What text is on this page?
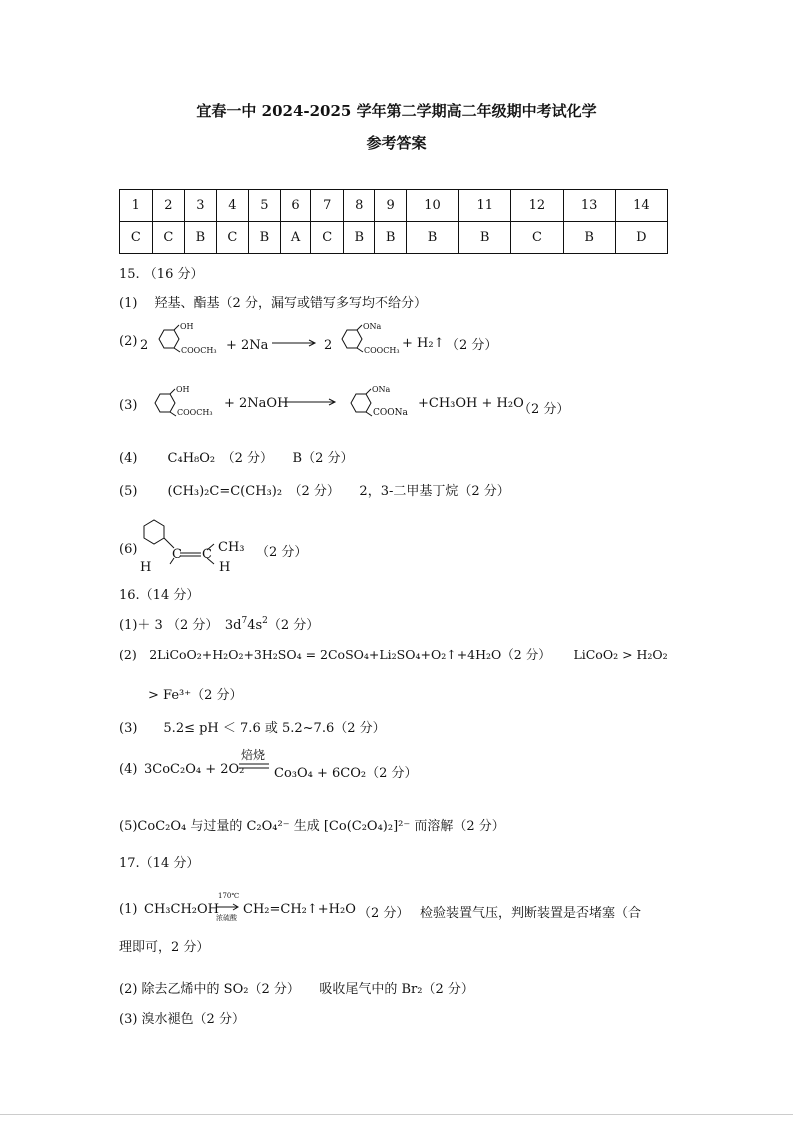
宜春一中 2024-2025 学年第二学期高二年级期中考试化学
参考答案
1	2	3	4	5	6	7	8	9	10	11	12	13	14
C	C	B	C	B	A	C	B	B	B	B	C	B	D
15. （16 分）
(1)　 羟基、酯基（2 分，漏写或错写多写均不给分）
(2) 2
OH
COOCH₃ + 2Na → 2
ONa
COOCH₃ + H₂↑ （2 分）
(3)
OH
COOCH₃
+ 2NaOH
ONa
COONa
+CH₃OH + H₂O
（2 分）
(4)　　 C₄H₈O₂　（2 分）　　B（2 分）
(5)　　 (CH₃)₂C=C(CH₃)₂　（2 分）　　2，3-二甲基丁烷（2 分）
(6)	C C CH₃
H	H
（2 分）
16.（14 分）
(1)＋ 3 （2 分）　$3d^74s^2(2$ 分）
(2)　2LiCoO₂+H₂O₂+3H₂SO₄ = 2CoSO₄+Li₂SO₄+O₂↑+4H₂O（2 分）　　 LiCoO₂ > H₂O₂
> Fe³⁺（2 分）
(3)　　5.2≤ pH ＜ 7.6 或 5.2~7.6（2 分）
(4) 3CoC₂O₄ + 2O₂
焙烧
Co₃O₄ + 6CO₂（2 分）
(5)CoC₂O₄ 与过量的 C₂O₄²⁻ 生成 [Co(C₂O₄)₂]²⁻ 而溶解（2 分）
17.（14 分）
(1) CH₃CH₂OH
170℃
浓硫酸
CH₂=CH₂↑+H₂O （2 分）　 检验装置气压，判断装置是否堵塞（合
理即可，2 分）
(2) 除去乙烯中的 SO₂（2 分）　　吸收尾气中的 Br₂（2 分）
(3) 溴水褪色（2 分）
